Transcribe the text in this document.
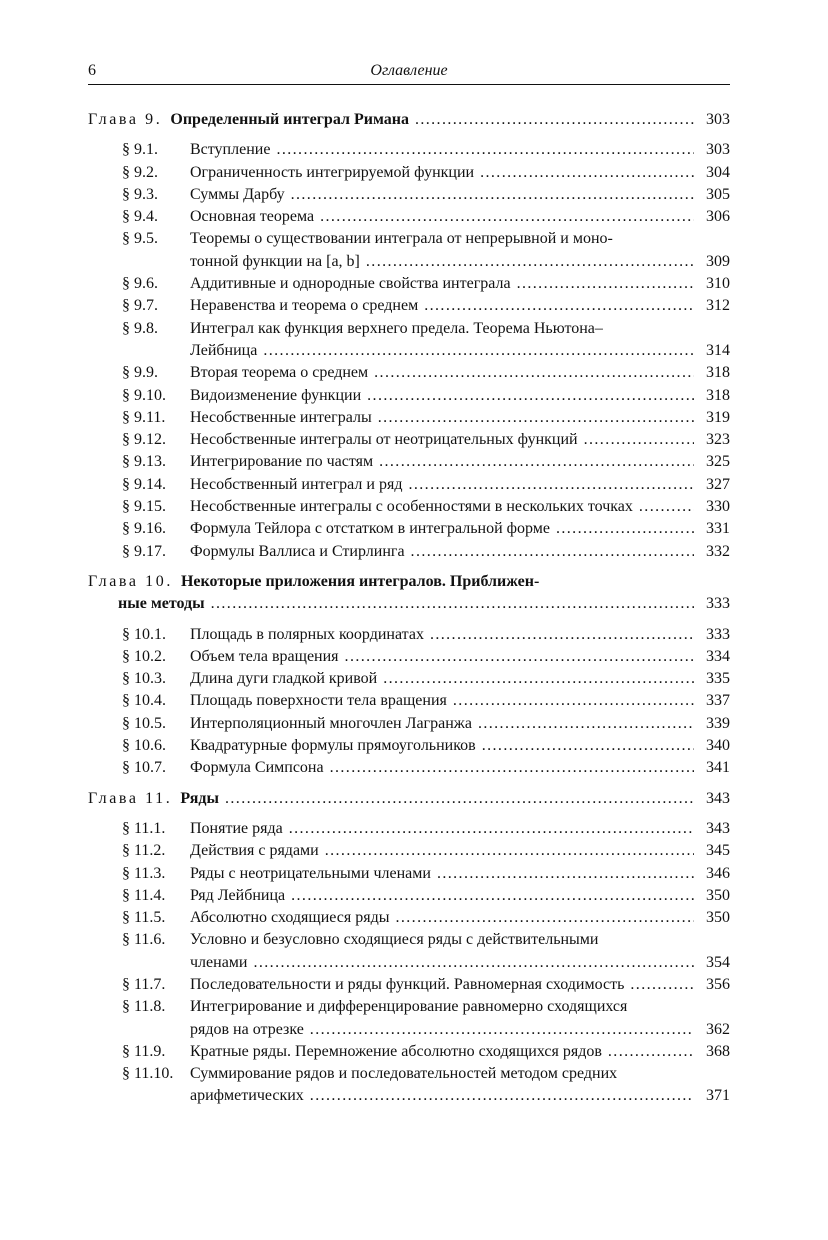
6	Оглавление
Глава 9. Определенный интеграл Римана . . .	303
§ 9.1.	Вступление . . .	303
§ 9.2.	Ограниченность интегрируемой функции . . .	304
§ 9.3.	Суммы Дарбу . . .	305
§ 9.4.	Основная теорема . . .	306
§ 9.5.	Теоремы о существовании интеграла от непрерывной и моно-
тонной функции на [a, b] . . .	309
§ 9.6.	Аддитивные и однородные свойства интеграла . . .	310
§ 9.7.	Неравенства и теорема о среднем . . .	312
§ 9.8.	Интеграл как функция верхнего предела. Теорема Ньютона–
Лейбница . . .	314
§ 9.9.	Вторая теорема о среднем . . .	318
§ 9.10.	Видоизменение функции . . .	318
§ 9.11.	Несобственные интегралы . . .	319
§ 9.12.	Несобственные интегралы от неотрицательных функций . . .	323
§ 9.13.	Интегрирование по частям . . .	325
§ 9.14.	Несобственный интеграл и ряд . . .	327
§ 9.15.	Несобственные интегралы с особенностями в нескольких точках . . .	330
§ 9.16.	Формула Тейлора с отстатком в интегральной форме . . .	331
§ 9.17.	Формулы Валлиса и Стирлинга . . .	332
Глава 10. Некоторые приложения интегралов. Приближен-
ные методы . . .	333
§ 10.1.	Площадь в полярных координатах . . .	333
§ 10.2.	Объем тела вращения . . .	334
§ 10.3.	Длина дуги гладкой кривой . . .	335
§ 10.4.	Площадь поверхности тела вращения . . .	337
§ 10.5.	Интерполяционный многочлен Лагранжа . . .	339
§ 10.6.	Квадратурные формулы прямоугольников . . .	340
§ 10.7.	Формула Симпсона . . .	341
Глава 11. Ряды . . .	343
§ 11.1.	Понятие ряда . . .	343
§ 11.2.	Действия с рядами . . .	345
§ 11.3.	Ряды с неотрицательными членами . . .	346
§ 11.4.	Ряд Лейбница . . .	350
§ 11.5.	Абсолютно сходящиеся ряды . . .	350
§ 11.6.	Условно и безусловно сходящиеся ряды с действительными
членами . . .	354
§ 11.7.	Последовательности и ряды функций. Равномерная сходимость . . .	356
§ 11.8.	Интегрирование и дифференцирование равномерно сходящихся
рядов на отрезке . . .	362
§ 11.9.	Кратные ряды. Перемножение абсолютно сходящихся рядов . . .	368
§ 11.10.	Суммирование рядов и последовательностей методом средних
арифметических . . .	371
